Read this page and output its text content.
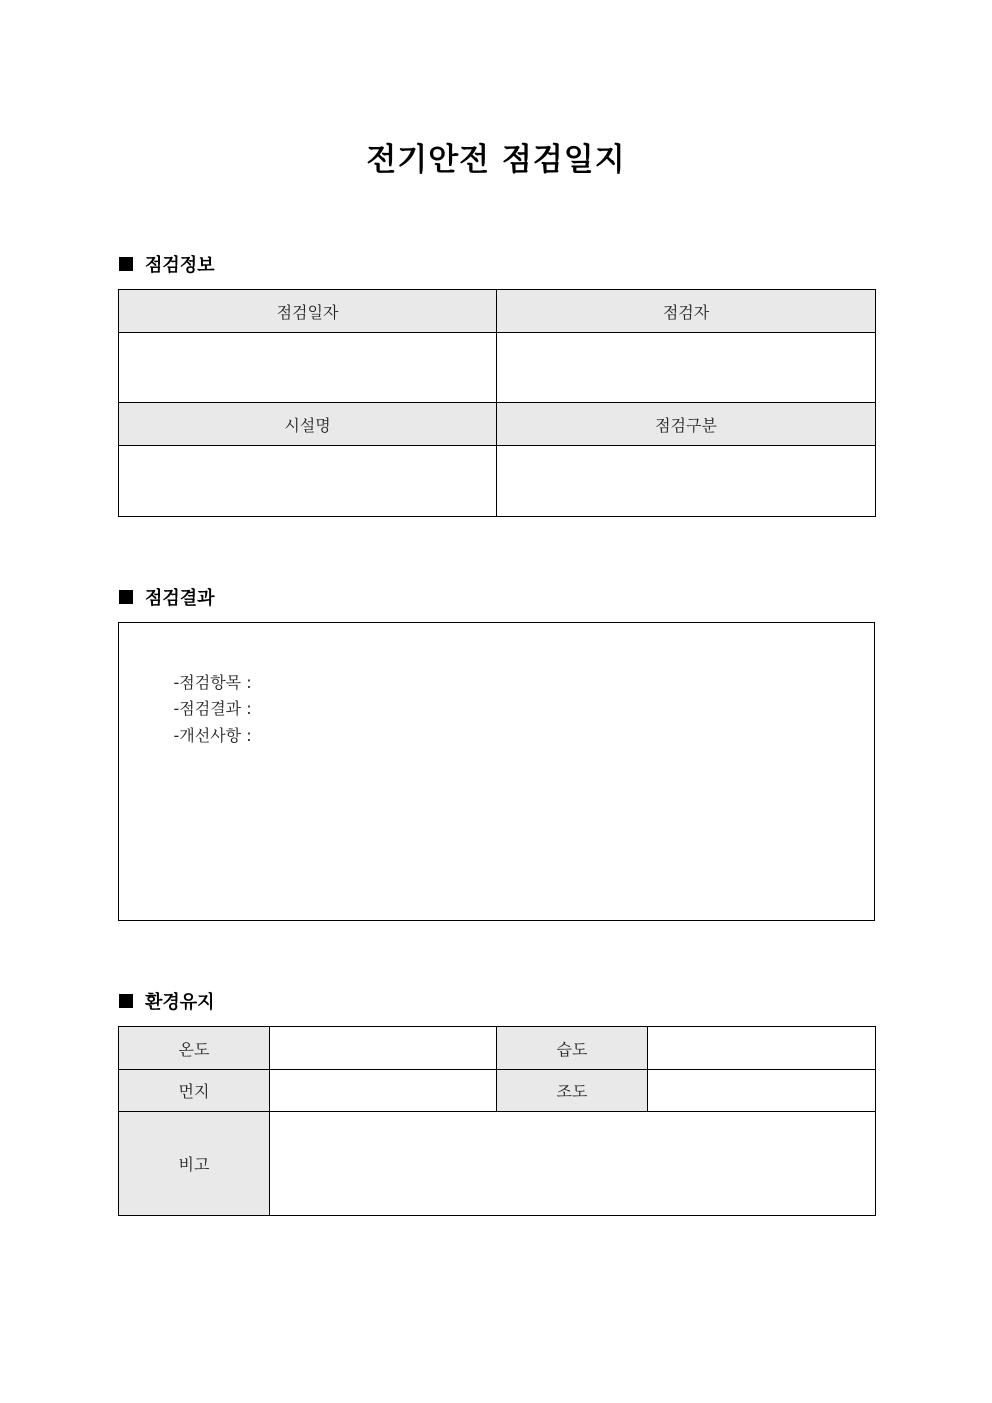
전기안전 점검일지
점검정보
점검일자	점검자

시설명	점검구분

점검결과

-점검항목 :

-점검결과 :

-개선사항 :

환경유지
온도		습도	
먼지		조도	
비고			
